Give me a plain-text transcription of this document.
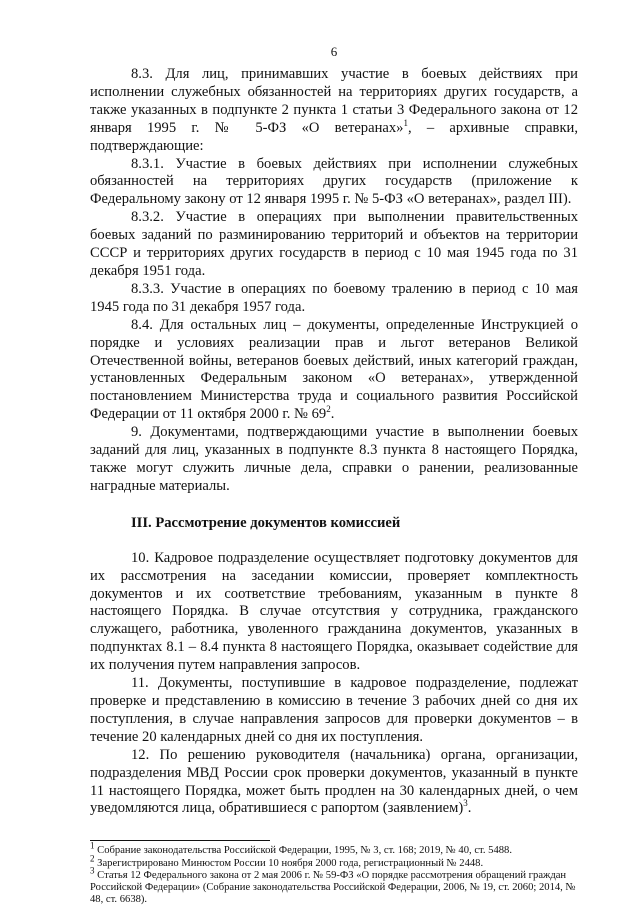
6

8.3. Для лиц, принимавших участие в боевых действиях при исполнении служебных обязанностей на территориях других государств, а также указанных в подпункте 2 пункта 1 статьи 3 Федерального закона от 12 января 1995 г. № 5-ФЗ «О ветеранах»$^1$, – архивные справки, подтверждающие:

8.3.1. Участие в боевых действиях при исполнении служебных обязанностей на территориях других государств (приложение к Федеральному закону от 12 января 1995 г. № 5-ФЗ «О ветеранах», раздел III).

8.3.2. Участие в операциях при выполнении правительственных боевых заданий по разминированию территорий и объектов на территории СССР и территориях других государств в период с 10 мая 1945 года по 31 декабря 1951 года.

8.3.3. Участие в операциях по боевому тралению в период с 10 мая 1945 года по 31 декабря 1957 года.

8.4. Для остальных лиц – документы, определенные Инструкцией о порядке и условиях реализации прав и льгот ветеранов Великой Отечественной войны, ветеранов боевых действий, иных категорий граждан, установленных Федеральным законом «О ветеранах», утвержденной постановлением Министерства труда и социального развития Российской Федерации от 11 октября 2000 г. № $69^2$.

9. Документами, подтверждающими участие в выполнении боевых заданий для лиц, указанных в подпункте 8.3 пункта 8 настоящего Порядка, также могут служить личные дела, справки о ранении, реализованные наградные материалы.

III. Рассмотрение документов комиссией

10. Кадровое подразделение осуществляет подготовку документов для их рассмотрения на заседании комиссии, проверяет комплектность документов и их соответствие требованиям, указанным в пункте 8 настоящего Порядка. В случае отсутствия у сотрудника, гражданского служащего, работника, уволенного гражданина документов, указанных в подпунктах 8.1 – 8.4 пункта 8 настоящего Порядка, оказывает содействие для их получения путем направления запросов.

11. Документы, поступившие в кадровое подразделение, подлежат проверке и представлению в комиссию в течение 3 рабочих дней со дня их поступления, в случае направления запросов для проверки документов – в течение 20 календарных дней со дня их поступления.

12. По решению руководителя (начальника) органа, организации, подразделения МВД России срок проверки документов, указанный в пункте 11 настоящего Порядка, может быть продлен на 30 календарных дней, о чем уведомляются лица, обратившиеся с рапортом (заявлением)$^3$.

$^1$ Собрание законодательства Российской Федерации, 1995, № 3, ст. 168; 2019, № 40, ст. 5488.

$^2$ Зарегистрировано Минюстом России 10 ноября 2000 года, регистрационный № 2448.

$^3$ Статья 12 Федерального закона от 2 мая 2006 г. № 59-ФЗ «О порядке рассмотрения обращений граждан Российской Федерации» (Собрание законодательства Российской Федерации, 2006, № 19, ст. 2060; 2014, № 48, ст. 6638).
